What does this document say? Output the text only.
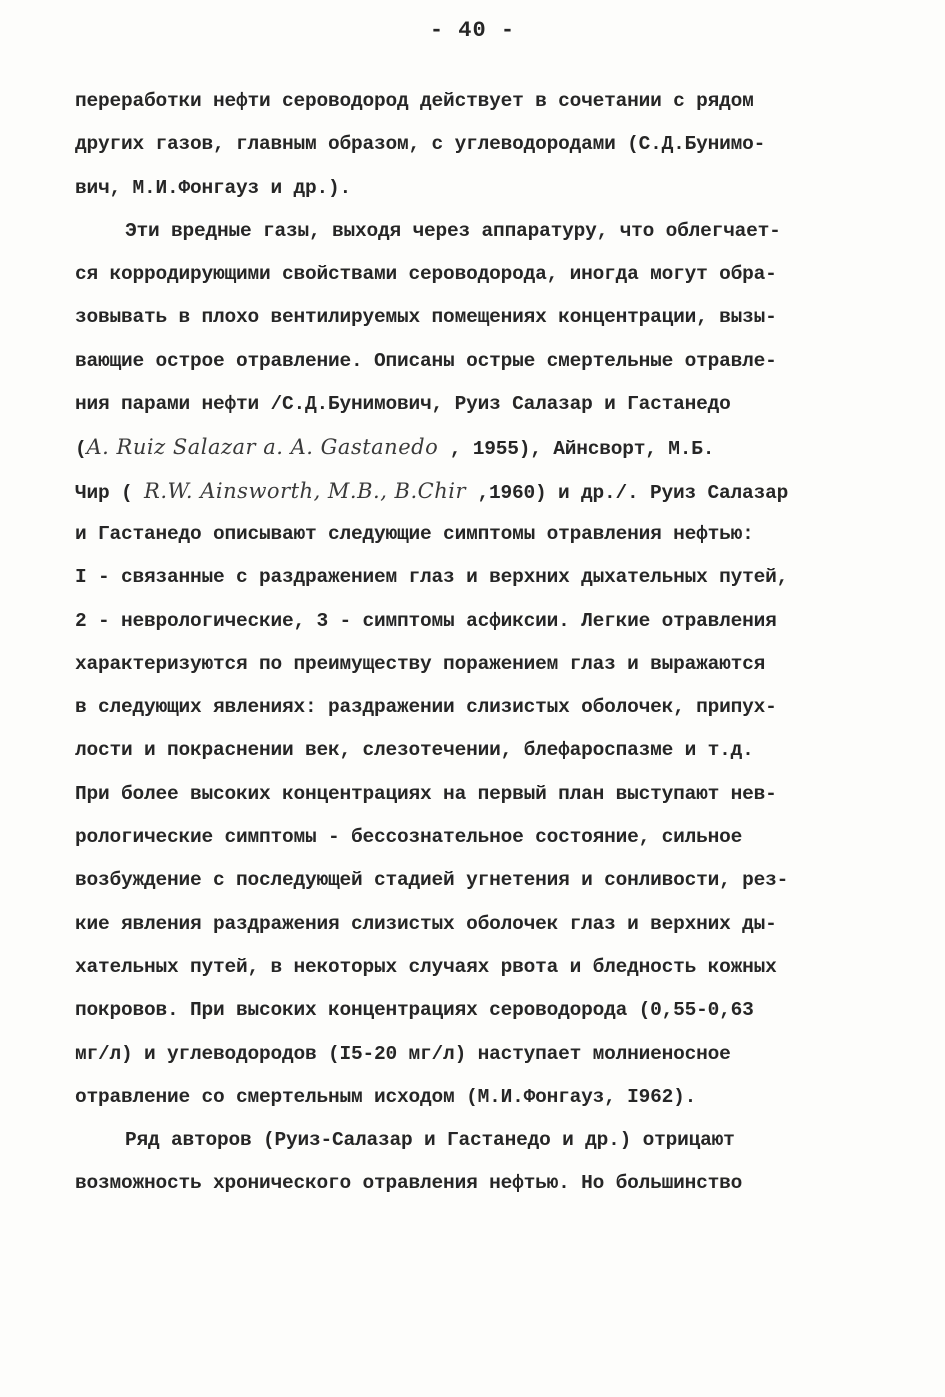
- 40 -
переработки нефти сероводород действует в сочетании с рядом
других газов, главным образом, с углеводородами (С.Д.Бунимо-
вич, М.И.Фонгауз и др.).
Эти вредные газы, выходя через аппаратуру, что облегчает-
ся корродирующими свойствами сероводорода, иногда могут обра-
зовывать в плохо вентилируемых помещениях концентрации, вызы-
вающие острое отравление. Описаны острые смертельные отравле-
ния парами нефти /С.Д.Бунимович, Руиз Салазар и Гастанедо
(A. Ruiz Salazar a. A. Gastanedo , 1955), Айнсворт, М.Б.
Чир ( R.W. Ainsworth, M.B., B.Chir ,1960) и др./. Руиз Салазар
и Гастанедо описывают следующие симптомы отравления нефтью:
I - связанные с раздражением глаз и верхних дыхательных путей,
2 - неврологические, 3 - симптомы асфиксии. Легкие отравления
характеризуются по преимуществу поражением глаз и выражаются
в следующих явлениях: раздражении слизистых оболочек, припух-
лости и покраснении век, слезотечении, блефароспазме и т.д.
При более высоких концентрациях на первый план выступают нев-
рологические симптомы - бессознательное состояние, сильное
возбуждение с последующей стадией угнетения и сонливости, рез-
кие явления раздражения слизистых оболочек глаз и верхних ды-
хательных путей, в некоторых случаях рвота и бледность кожных
покровов. При высоких концентрациях сероводорода (0,55-0,63
мг/л) и углеводородов (I5-20 мг/л) наступает молниеносное
отравление со смертельным исходом (М.И.Фонгауз, I962).
Ряд авторов (Руиз-Салазар и Гастанедо и др.) отрицают
возможность хронического отравления нефтью. Но большинство
